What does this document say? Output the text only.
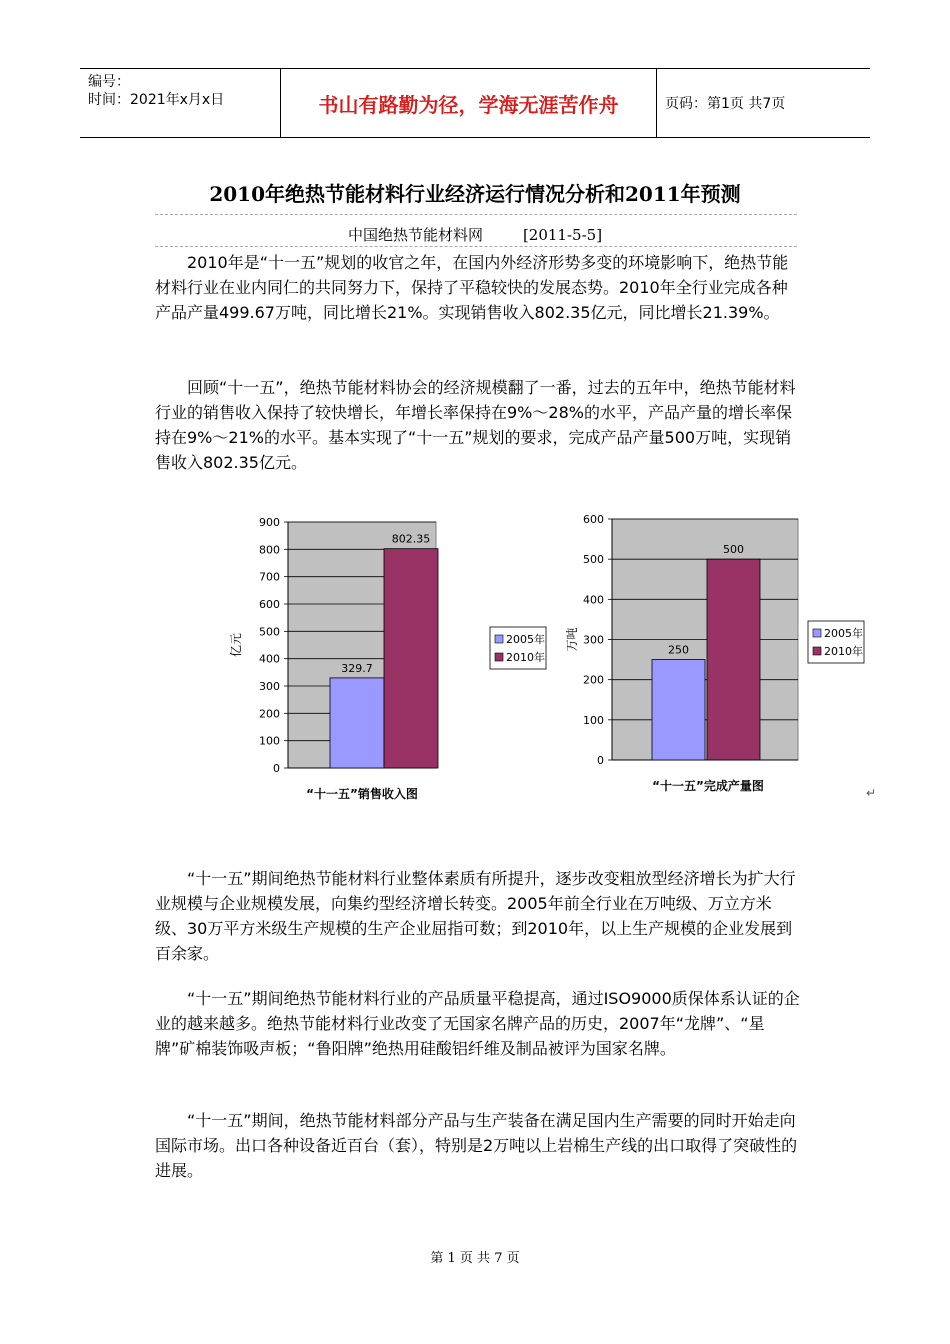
编号：
时间：2021年x月x日	书山有路勤为径，学海无涯苦作舟	页码：第1页 共7页
2010年绝热节能材料行业经济运行情况分析和2011年预测
中国绝热节能材料网	[2011-5-5]

2010年是“十一五”规划的收官之年，在国内外经济形势多变的环境影响下，绝热节能材料行业在业内同仁的共同努力下，保持了平稳较快的发展态势。2010年全行业完成各种产品产量499.67万吨，同比增长21%。实现销售收入802.35亿元，同比增长21.39%。

回顾“十一五”，绝热节能材料协会的经济规模翻了一番，过去的五年中，绝热节能材料行业的销售收入保持了较快增长，年增长率保持在9%～28%的水平，产品产量的增长率保持在9%～21%的水平。基本实现了“十一五”规划的要求，完成产品产量500万吨，实现销售收入802.35亿元。

0
100
200
300
400
500
600
700
800
900
329.7
802.35
亿元
“十一五”销售收入图
2005年
2010年
0
100
200
300
400
500
600
250
500
万吨
“十一五”完成产量图
2005年
2010年
↵

“十一五”期间绝热节能材料行业整体素质有所提升，逐步改变粗放型经济增长为扩大行业规模与企业规模发展，向集约型经济增长转变。2005年前全行业在万吨级、万立方米级、30万平方米级生产规模的生产企业屈指可数；到2010年，以上生产规模的企业发展到百余家。

“十一五”期间绝热节能材料行业的产品质量平稳提高，通过ISO9000质保体系认证的企业的越来越多。绝热节能材料行业改变了无国家名牌产品的历史，2007年“龙牌”、“星牌”矿棉装饰吸声板；“鲁阳牌”绝热用硅酸铝纤维及制品被评为国家名牌。

“十一五”期间，绝热节能材料部分产品与生产装备在满足国内生产需要的同时开始走向国际市场。出口各种设备近百台（套），特别是2万吨以上岩棉生产线的出口取得了突破性的进展。

第 1 页 共 7 页
